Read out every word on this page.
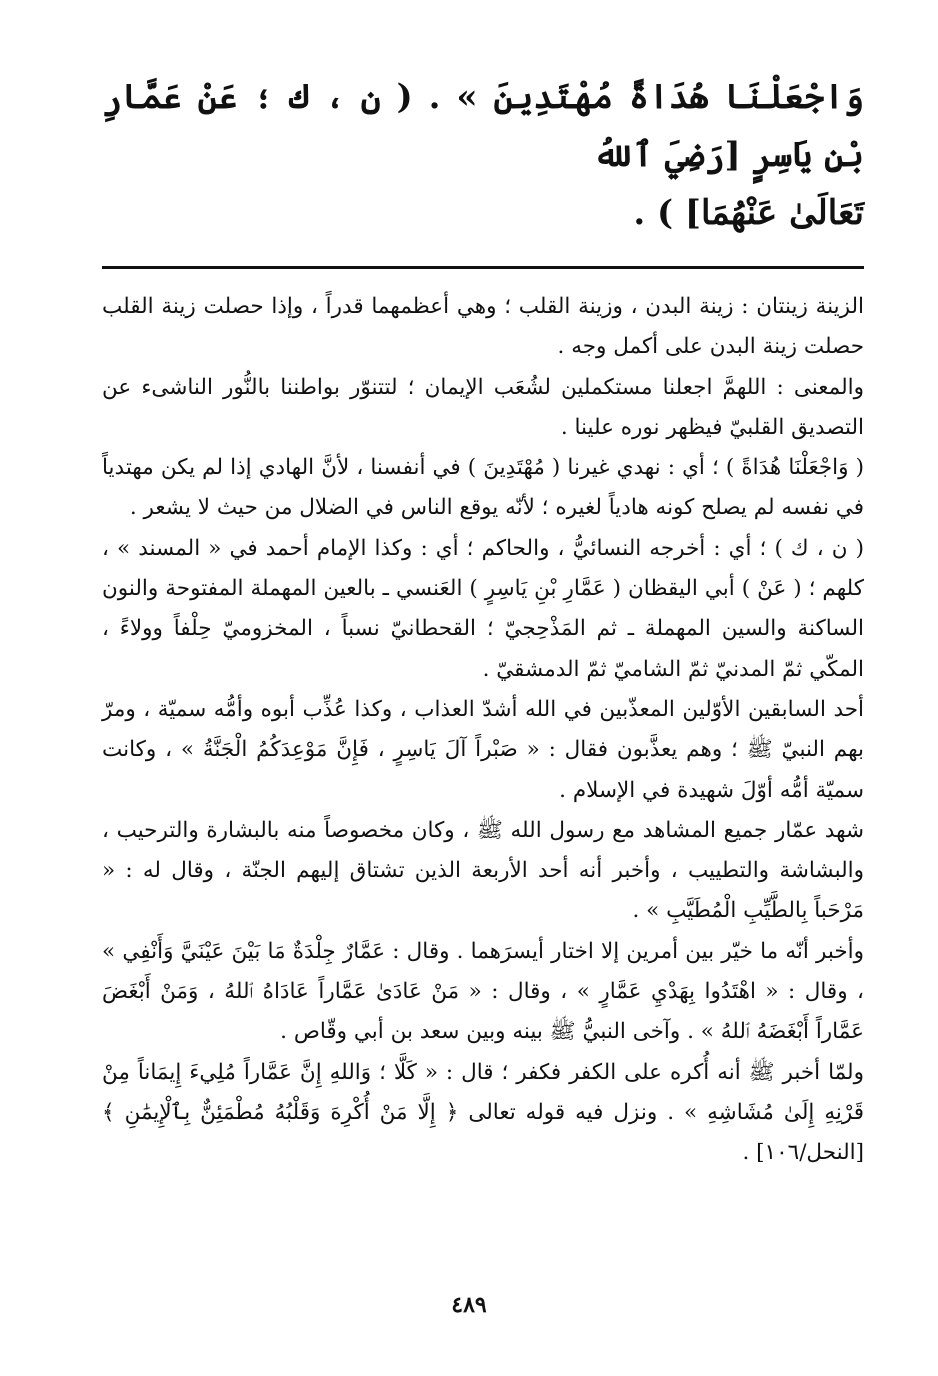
وَاجْعَلْنَا هُدَاةً مُهْتَدِينَ » . ( ن ، ك ؛ عَنْ عَمَّارِ بْنِ يَاسِرٍ [رَضِيَ ٱللهُ
تَعَالَىٰ عَنْهُمَا] ) .

الزينة زينتان : زينة البدن ، وزينة القلب ؛ وهي أعظمهما قدراً ، وإذا حصلت زينة القلب حصلت زينة البدن على أكمل وجه .

والمعنى : اللهمَّ اجعلنا مستكملين لشُعَب الإيمان ؛ لتتنوّر بواطننا بالنُّور الناشىء عن التصديق القلبيّ فيظهر نوره علينا .

( وَاجْعَلْنَا هُدَاةً ) ؛ أي : نهدي غيرنا ( مُهْتَدِينَ ) في أنفسنا ، لأنَّ الهادي إذا لم يكن مهتدياً في نفسه لم يصلح كونه هادياً لغيره ؛ لأنّه يوقع الناس في الضلال من حيث لا يشعر .

( ن ، ك ) ؛ أي : أخرجه النسائيُّ ، والحاكم ؛ أي : وكذا الإمام أحمد في « المسند » ، كلهم ؛ ( عَنْ ) أبي اليقظان ( عَمَّارِ بْنِ يَاسِرٍ ) العَنسي ـ بالعين المهملة المفتوحة والنون الساكنة والسين المهملة ـ ثم المَذْحِجيّ ؛ القحطانيّ نسباً ، المخزوميّ حِلْفاً وولاءً ، المكّي ثمّ المدنيّ ثمّ الشاميّ ثمّ الدمشقيّ .

أحد السابقين الأوّلين المعذّبين في الله أشدّ العذاب ، وكذا عُذِّب أبوه وأمُّه سميّة ، ومرّ بهم النبيّ ﷺ ؛ وهم يعذَّبون فقال : « صَبْراً آلَ يَاسِرٍ ، فَإِنَّ مَوْعِدَكُمُ الْجَنَّةُ » ، وكانت سميّة أمُّه أوّلَ شهيدة في الإسلام .

شهد عمّار جميع المشاهد مع رسول الله ﷺ ، وكان مخصوصاً منه بالبشارة والترحيب ، والبشاشة والتطييب ، وأخبر أنه أحد الأربعة الذين تشتاق إليهم الجنّة ، وقال له : « مَرْحَباً بِالطَّيِّبِ الْمُطَيَّبِ » .

وأخبر أنّه ما خيّر بين أمرين إلا اختار أيسرَهما . وقال : عَمَّارٌ جِلْدَةٌ مَا بَيْنَ عَيْنَيَّ وَأَنْفِي » ، وقال : « اهْتَدُوا بِهَدْيِ عَمَّارٍ » ، وقال : « مَنْ عَادَىٰ عَمَّاراً عَادَاهُ ٱللهُ ، وَمَنْ أَبْغَضَ عَمَّاراً أَبْغَضَهُ ٱللهُ » . وآخى النبيُّ ﷺ بينه وبين سعد بن أبي وقّاص .

ولمّا أخبر ﷺ أنه أُكره على الكفر فكفر ؛ قال : « كَلَّا ؛ وَاللهِ إِنَّ عَمَّاراً مُلِيءَ إِيمَاناً مِنْ قَرْنِهِ إِلَىٰ مُشَاشِهِ » . ونزل فيه قوله تعالى ﴿ إِلَّا مَنْ أُكْرِهَ وَقَلْبُهُ مُطْمَئِنٌّ بِٱلْإِيمَٰنِ ﴾ [النحل/١٠٦] .

٤٨٩
